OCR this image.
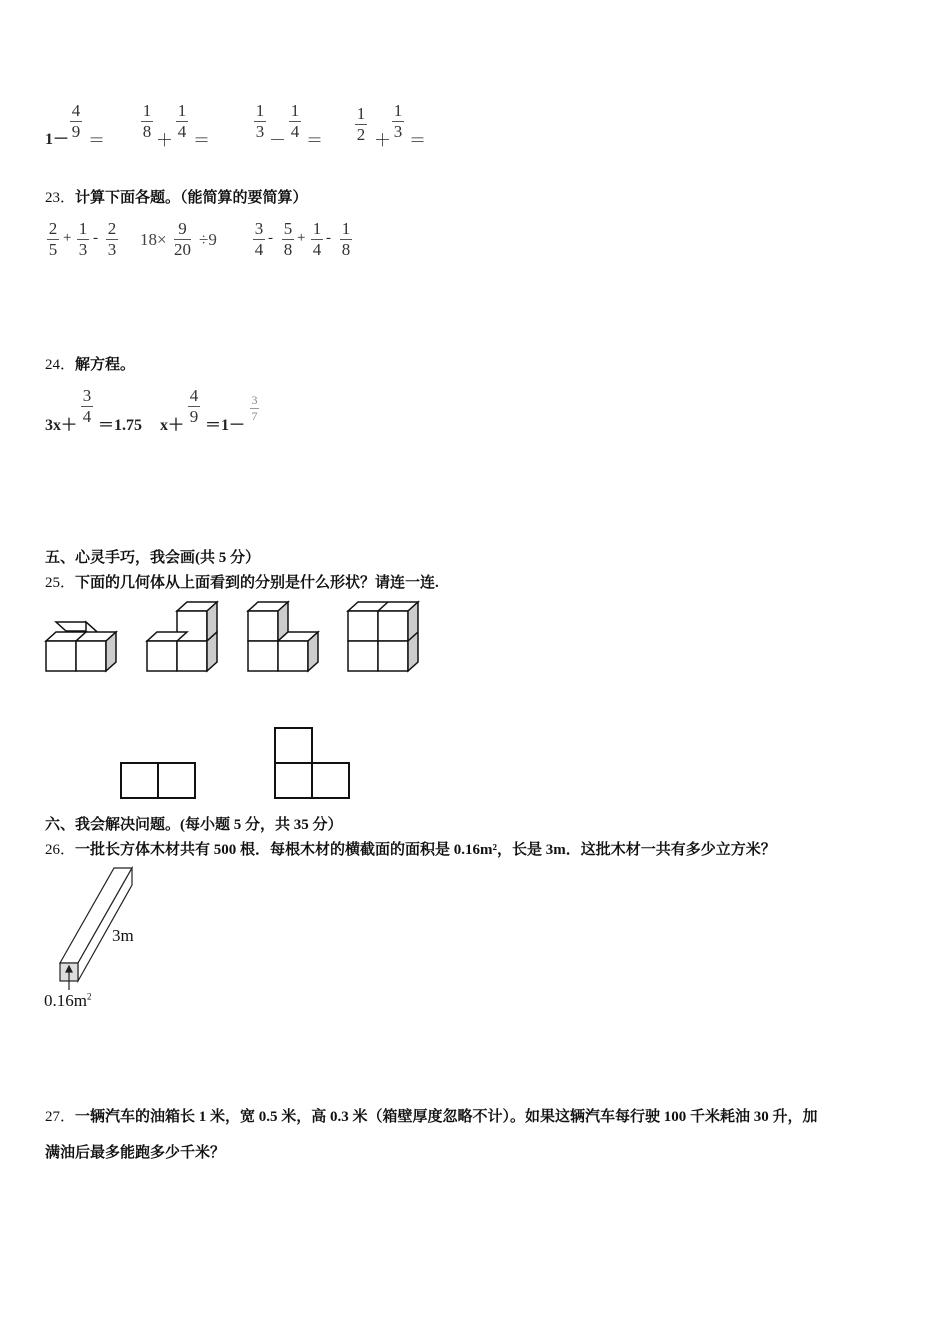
1－
4
9 ＝
1
8 ＋
1
4 ＝
1
3 －
1
4 ＝
1
2 ＋
1
3 ＝
23．计算下面各题。（能简算的要简算）
2
5
+ 1
3
- 2
3
18×
9
20
÷9
3
4
- 5
8
+ 1
4
- 1
8
24．解方程。
3x＋
3
4 ＝1.75 x＋
4
9 ＝1－
3
7
五、心灵手巧，我会画(共 5 分）
25．下面的几何体从上面看到的分别是什么形状？请连一连.
六、我会解决问题。(每小题 5 分，共 35 分）
26．一批长方体木材共有 500 根．每根木材的横截面的面积是 0.16m²，长是 3m．这批木材一共有多少立方米？
3m
$0.16m^2$
27．一辆汽车的油箱长 1 米，宽 0.5 米，高 0.3 米（箱壁厚度忽略不计）。如果这辆汽车每行驶 100 千米耗油 30 升，加
满油后最多能跑多少千米？
